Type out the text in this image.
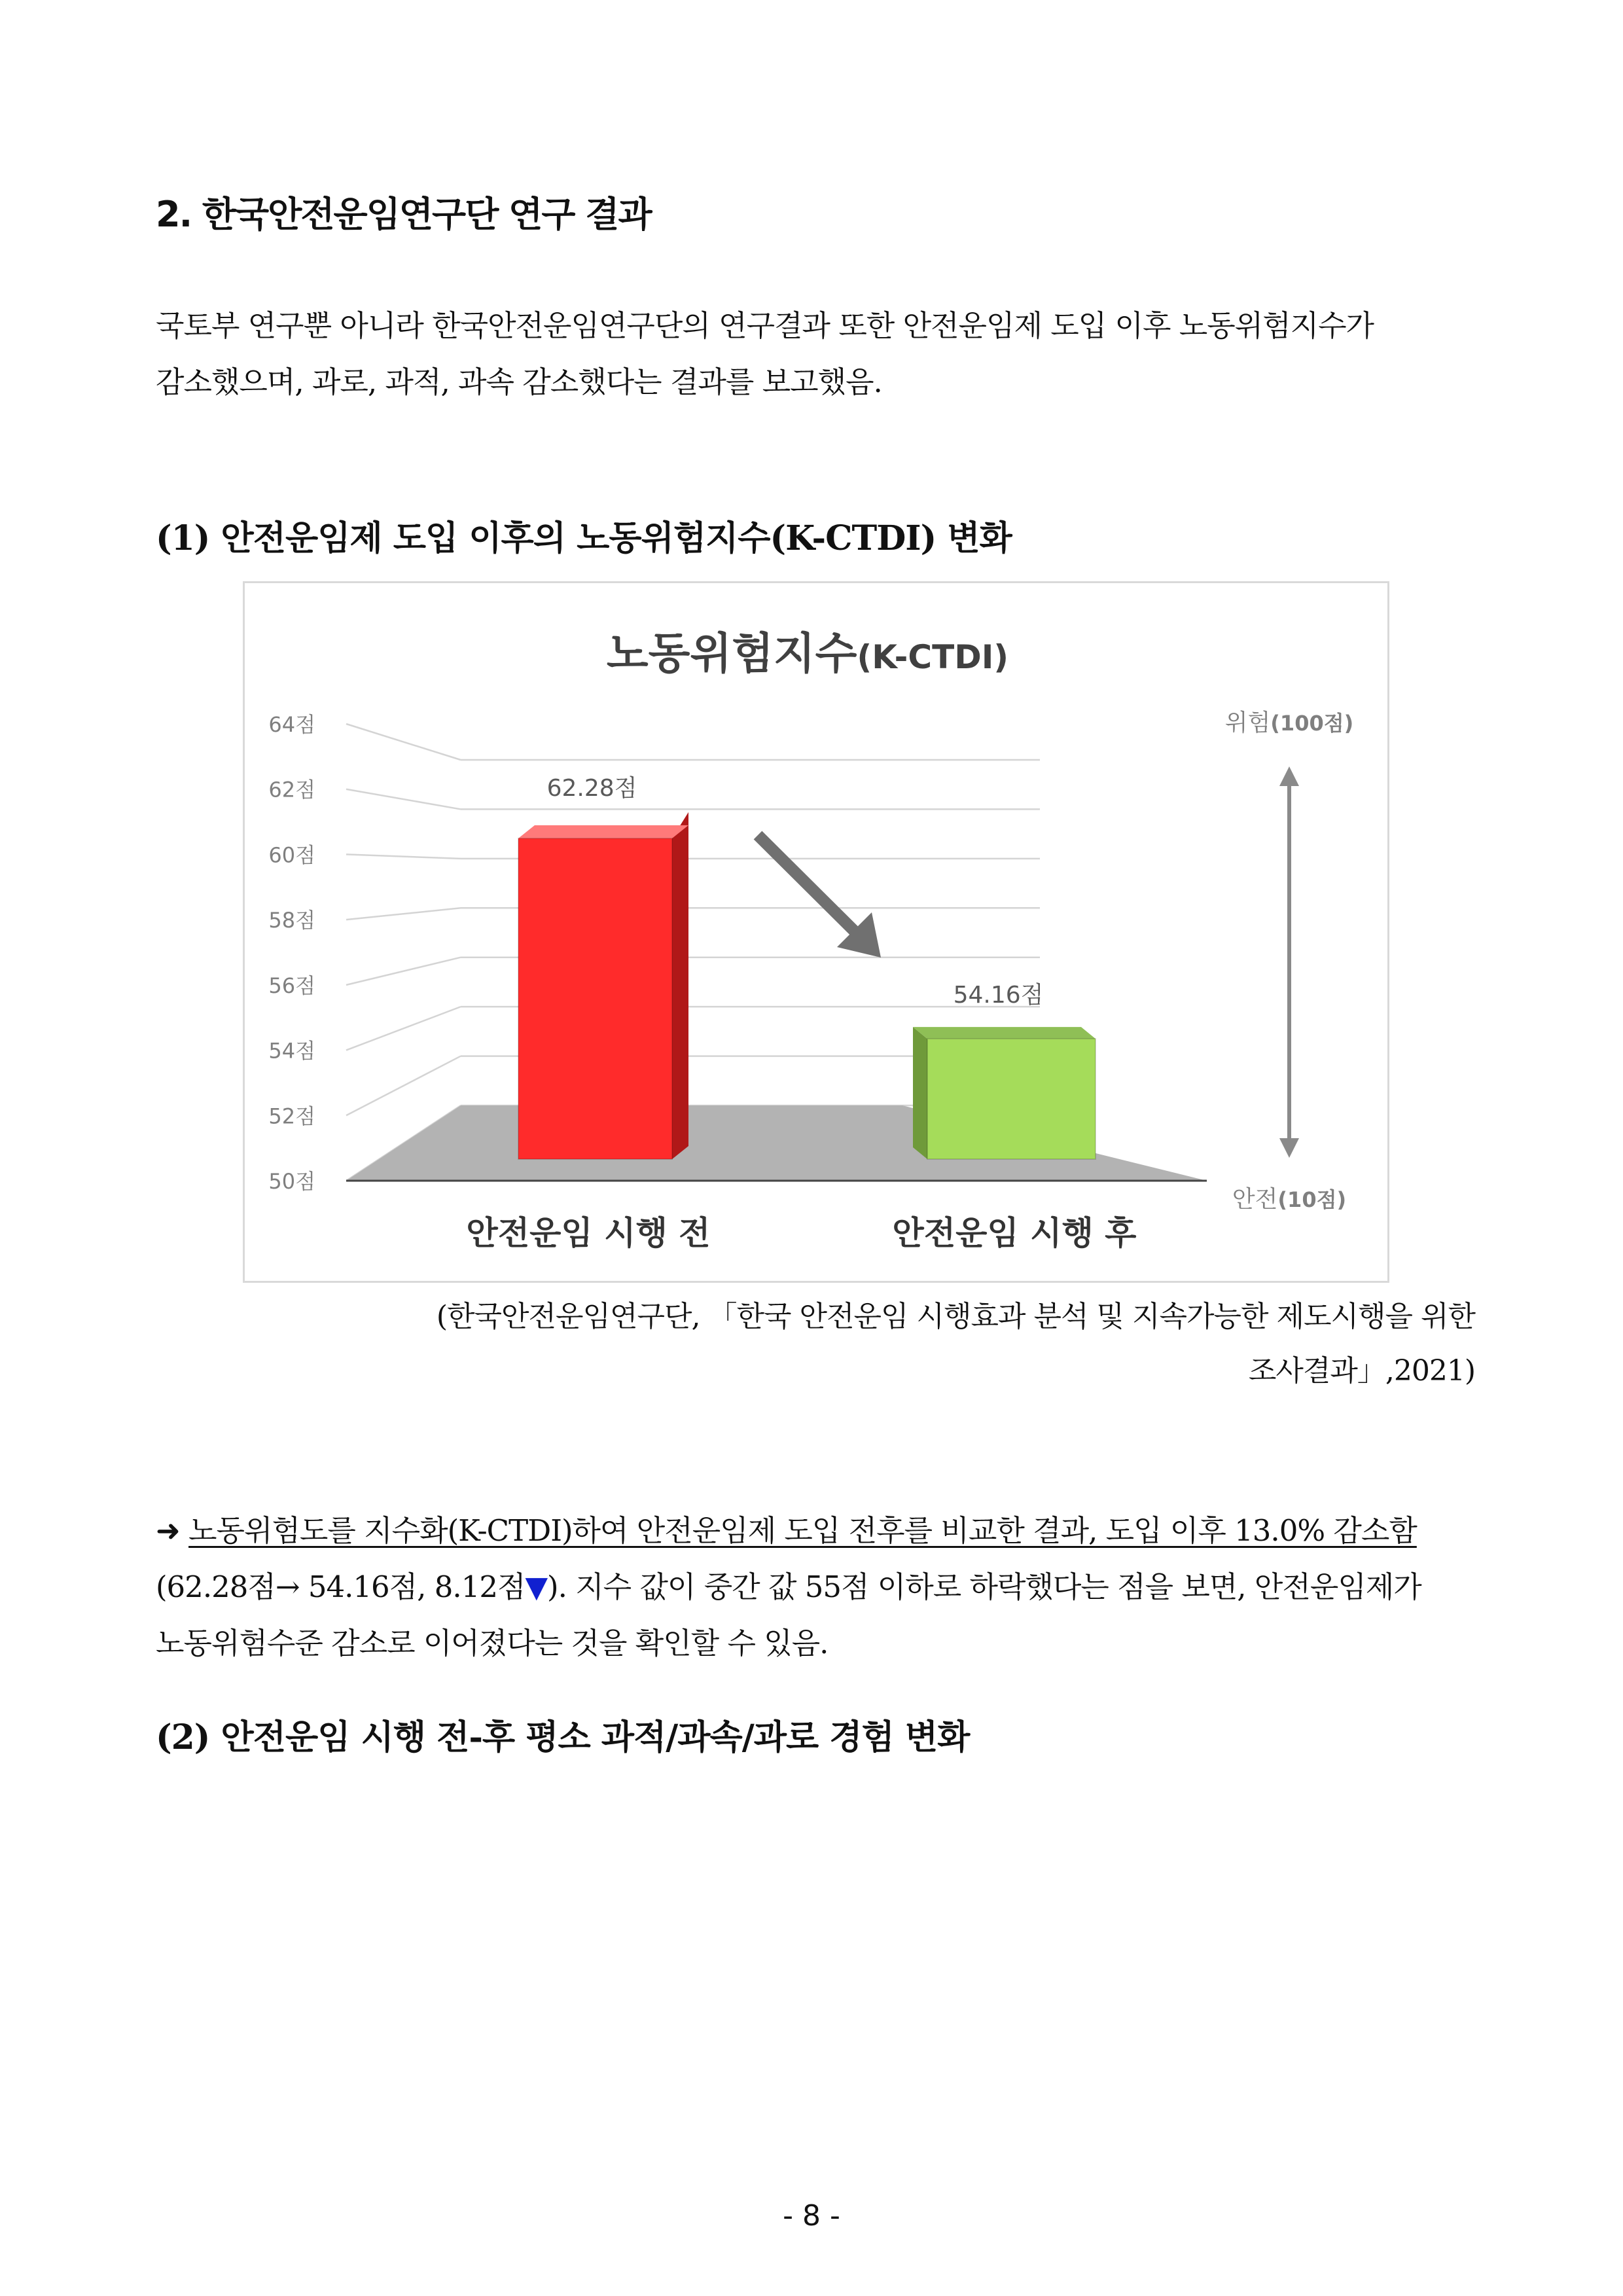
2. 한국안전운임연구단 연구 결과
국토부 연구뿐 아니라 한국안전운임연구단의 연구결과 또한 안전운임제 도입 이후 노동위험지수가
감소했으며, 과로, 과적, 과속 감소했다는 결과를 보고했음.
(1) 안전운임제 도입 이후의 노동위험지수(K-CTDI) 변화
노동위험지수(K-CTDI)
64점
62점
60점
58점
56점
54점
52점
50점
62.28점
54.16점
위험(100점)
안전(10점)
안전운임 시행 전	안전운임 시행 후
(한국안전운임연구단, 「한국 안전운임 시행효과 분석 및 지속가능한 제도시행을 위한
조사결과」,2021)
➜ 노동위험도를 지수화(K-CTDI)하여 안전운임제 도입 전후를 비교한 결과, 도입 이후 13.0% 감소함
(62.28점→ 54.16점, 8.12점▼). 지수 값이 중간 값 55점 이하로 하락했다는 점을 보면, 안전운임제가
노동위험수준 감소로 이어졌다는 것을 확인할 수 있음.
(2) 안전운임 시행 전-후 평소 과적/과속/과로 경험 변화
- 8 -
